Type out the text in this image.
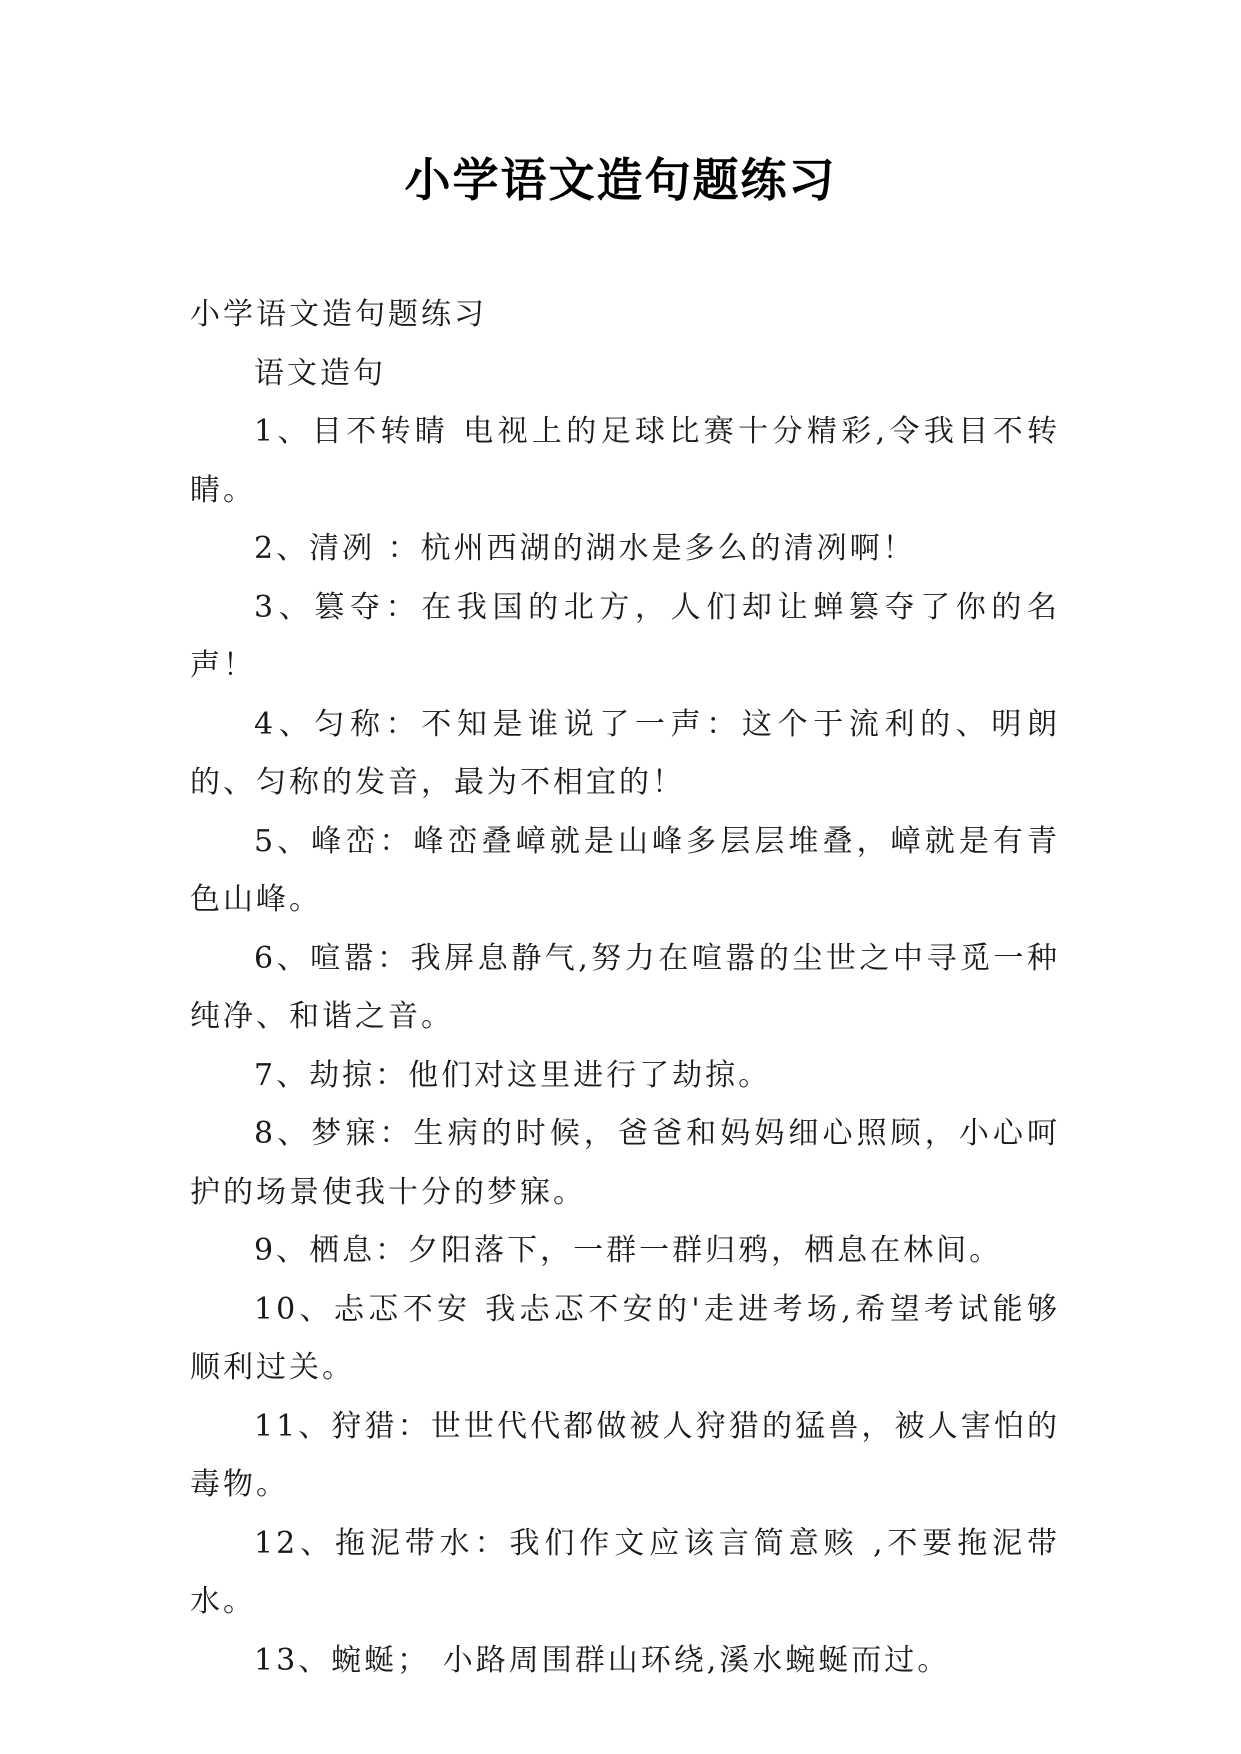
小学语文造句题练习

小学语文造句题练习

语文造句

1、目不转睛 电视上的足球比赛十分精彩,令我目不转睛。

2、清冽 ：杭州西湖的湖水是多么的清冽啊！

3、篡夺：在我国的北方，人们却让蝉篡夺了你的名声！

4、匀称：不知是谁说了一声：这个于流利的、明朗的、匀称的发音，最为不相宜的！

5、峰峦：峰峦叠嶂就是山峰多层层堆叠，嶂就是有青色山峰。

6、喧嚣：我屏息静气,努力在喧嚣的尘世之中寻觅一种纯净、和谐之音。

7、劫掠：他们对这里进行了劫掠。

8、梦寐：生病的时候，爸爸和妈妈细心照顾，小心呵护的场景使我十分的梦寐。

9、栖息：夕阳落下，一群一群归鸦，栖息在林间。

10、忐忑不安 我忐忑不安的'走进考场,希望考试能够顺利过关。

11、狩猎：世世代代都做被人狩猎的猛兽，被人害怕的毒物。

12、拖泥带水：我们作文应该言简意赅 ,不要拖泥带水。

13、蜿蜒； 小路周围群山环绕,溪水蜿蜒而过。
